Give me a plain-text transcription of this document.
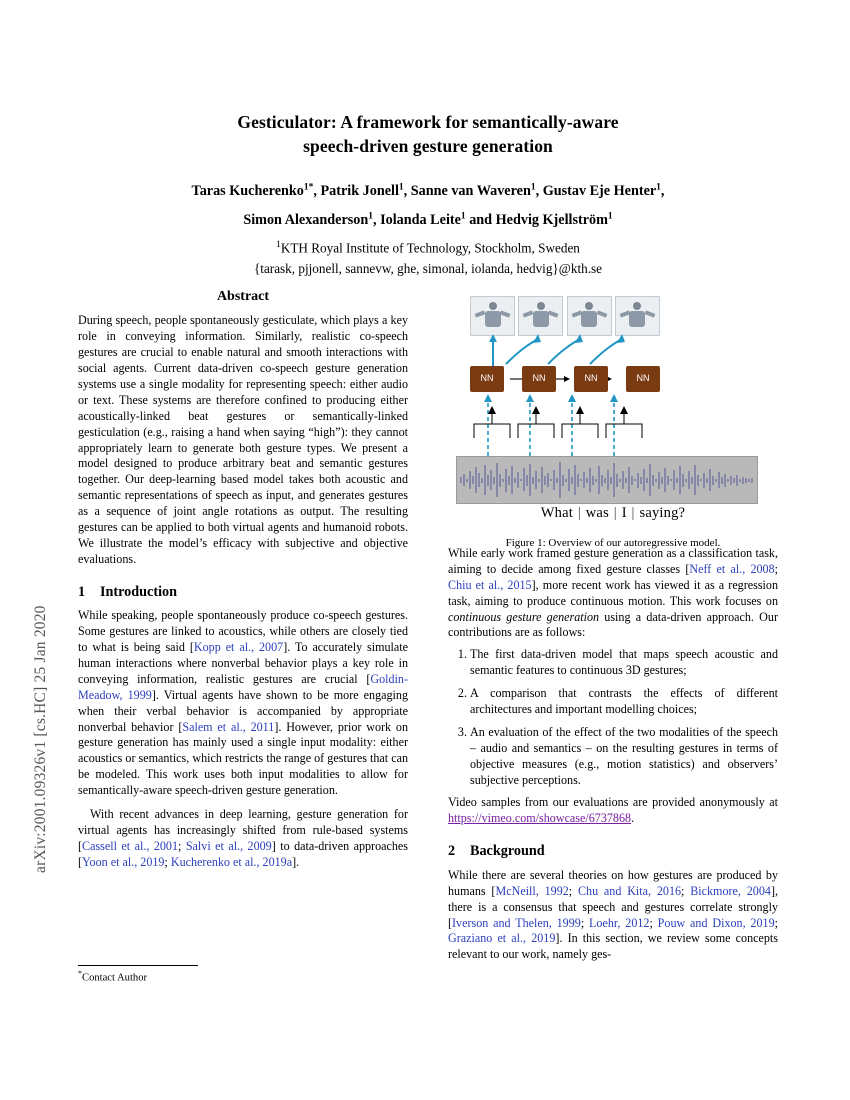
arXiv:2001.09326v1 [cs.HC] 25 Jan 2020
Gesticulator: A framework for semantically-aware
speech-driven gesture generation
Taras Kucherenko$^{1*}$, Patrik Jonell$^1$, Sanne van Waveren$^1$, Gustav Eje Henter$^1$,
Simon Alexanderson$^1$, Iolanda Leite$^1$ and Hedvig Kjellström$^1$
$^1$KTH Royal Institute of Technology, Stockholm, Sweden
{tarask, pjjonell, sannevw, ghe, simonal, iolanda, hedvig}@kth.se
Abstract

During speech, people spontaneously gesticulate, which plays a key role in conveying information. Similarly, realistic co-speech gestures are crucial to enable natural and smooth interactions with social agents. Current data-driven co-speech gesture generation systems use a single modality for representing speech: either audio or text. These systems are therefore confined to producing either acoustically-linked beat gestures or semantically-linked gesticulation (e.g., raising a hand when saying “high”): they cannot appropriately learn to generate both gesture types. We present a model designed to produce arbitrary beat and semantic gestures together. Our deep-learning based model takes both acoustic and semantic representations of speech as input, and generates gestures as a sequence of joint angle rotations as output. The resulting gestures can be applied to both virtual agents and humanoid robots. We illustrate the model’s efficacy with subjective and objective evaluations.

1 Introduction

While speaking, people spontaneously produce co-speech gestures. Some gestures are linked to acoustics, while others are closely tied to what is being said [Kopp et al., 2007]. To accurately simulate human interactions where nonverbal behavior plays a key role in conveying information, realistic gestures are crucial [Goldin-Meadow, 1999]. Virtual agents have shown to be more engaging when their verbal behavior is accompanied by appropriate nonverbal behavior [Salem et al., 2011]. However, prior work on gesture generation has mainly used a single input modality: either acoustics or semantics, which restricts the range of gestures that can be modeled. This work uses both input modalities to allow for semantically-aware speech-driven gesture generation.

With recent advances in deep learning, gesture generation for virtual agents has increasingly shifted from rule-based systems [Cassell et al., 2001; Salvi et al., 2009] to data-driven approaches [Yoon et al., 2019; Kucherenko et al., 2019a].

NN	NN	NN	NN
What | was | I | saying?
Figure 1: Overview of our autoregressive model.

While early work framed gesture generation as a classification task, aiming to decide among fixed gesture classes [Neff et al., 2008; Chiu et al., 2015], more recent work has viewed it as a regression task, aiming to produce continuous motion. This work focuses on continuous gesture generation using a data-driven approach. Our contributions are as follows:

1. The first data-driven model that maps speech acoustic and semantic features to continuous 3D gestures;
2. A comparison that contrasts the effects of different architectures and important modelling choices;
3. An evaluation of the effect of the two modalities of the speech – audio and semantics – on the resulting gestures in terms of objective measures (e.g., motion statistics) and observers’ subjective perceptions.

Video samples from our evaluations are provided anonymously at https://vimeo.com/showcase/6737868.

2 Background

While there are several theories on how gestures are produced by humans [McNeill, 1992; Chu and Kita, 2016; Bickmore, 2004], there is a consensus that speech and gestures correlate strongly [Iverson and Thelen, 1999; Loehr, 2012; Pouw and Dixon, 2019; Graziano et al., 2019]. In this section, we review some concepts relevant to our work, namely ges-

*Contact Author
